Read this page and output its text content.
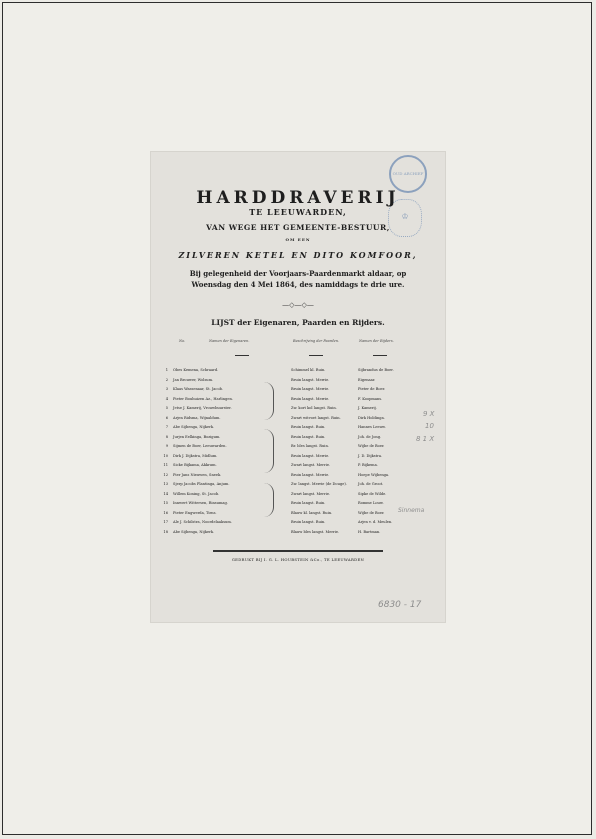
OUD ARCHIEF
♔
HARDDRAVERIJ
TE LEEUWARDEN,
VAN WEGE HET GEMEENTE-BESTUUR,
OM EEN
ZILVEREN KETEL EN DITO KOMFOOR,
Bij gelegenheid der Voorjaars-Paardenmarkt aldaar, op
Woensdag den 4 Mei 1864, des namiddags te drie ure.
—◇—◇—
LIJST der Eigenaren, Paarden en Rijders.
No.	Namen der Eigenaren.	Beschrijving der Paarden.	Namen der Rijders.
1 Obes Kemena, Schraard.	Schimmel kl. Ruin.	Sijbrandus de Boer.
2 Jan Brouwer, Wolsum.	Bruin langst. Merrie.	Eigenaar.
3 Klaas Wassenaar, St. Jacob.	Bruin langst. Merrie.	Pieter de Boer.
4 Pieter Bouhuizen Az., Harlingen.	Bruin langst. Merrie.	F. Koopmans.
5 Jetse J. Kamerij, Vrouwbuurster.	Zw. kort kol langst. Ruin.	J. Kamerij.
6 Arjen Ridsma, Wijnaldum.	Zwart witvoet langst. Ruin.	Dirk Holdinga.
7 Abe Sijbenga, Nijkerk.	Bruin langst. Ruin.	Hannes Leeuw.
8 Jurjen Eelkinga, Bozigum.	Bruin langst. Ruin.	Joh. de Jong.
9 Sijmen de Boer, Leeuwarden.	Br. bles langst. Ruin.	Wijbe de Boer.
10 Dirk J. Dijkstra, Midlum.	Bruin langst. Merrie.	J. D. Dijkstra.
11 Sicke Bijkama, Akkrum.	Zwart langst. Merrie.	P. Bijkema.
12 Pier Jans Nieuwen, Sneek.	Bruin langst. Merrie.	Hoepe Wijbenga.
13 Sjerp Jacobs Plantinga, Anjum.	Zw. langst. Merrie (de Douge).	Joh. de Groot.
14 Willem Koning, St. Jacob.	Zwart langst. Merrie.	Sipke de Wilde.
15 Innwert Wittersen, Rinsumag.	Bruin langst. Ruin.	Romme Louw.
16 Pieter Engwerda, Tirns.	Blauw kl. langst. Ruin.	Wijbe de Boer.
17 Ale J. Schilstra, Noordelaaksum.	Bruin langst. Ruin.	Arjen v. d. Meulen.
18 Abe Sijbenga, Nijkerk.	Blauw bles langst. Merrie.	H. Bartman.
GEDRUKT BIJ I. G. L. HOUBSTEIN &Co., TE LEEUWARDEN
9 X
10
8 1 X
Sinnema
6830 - 17
